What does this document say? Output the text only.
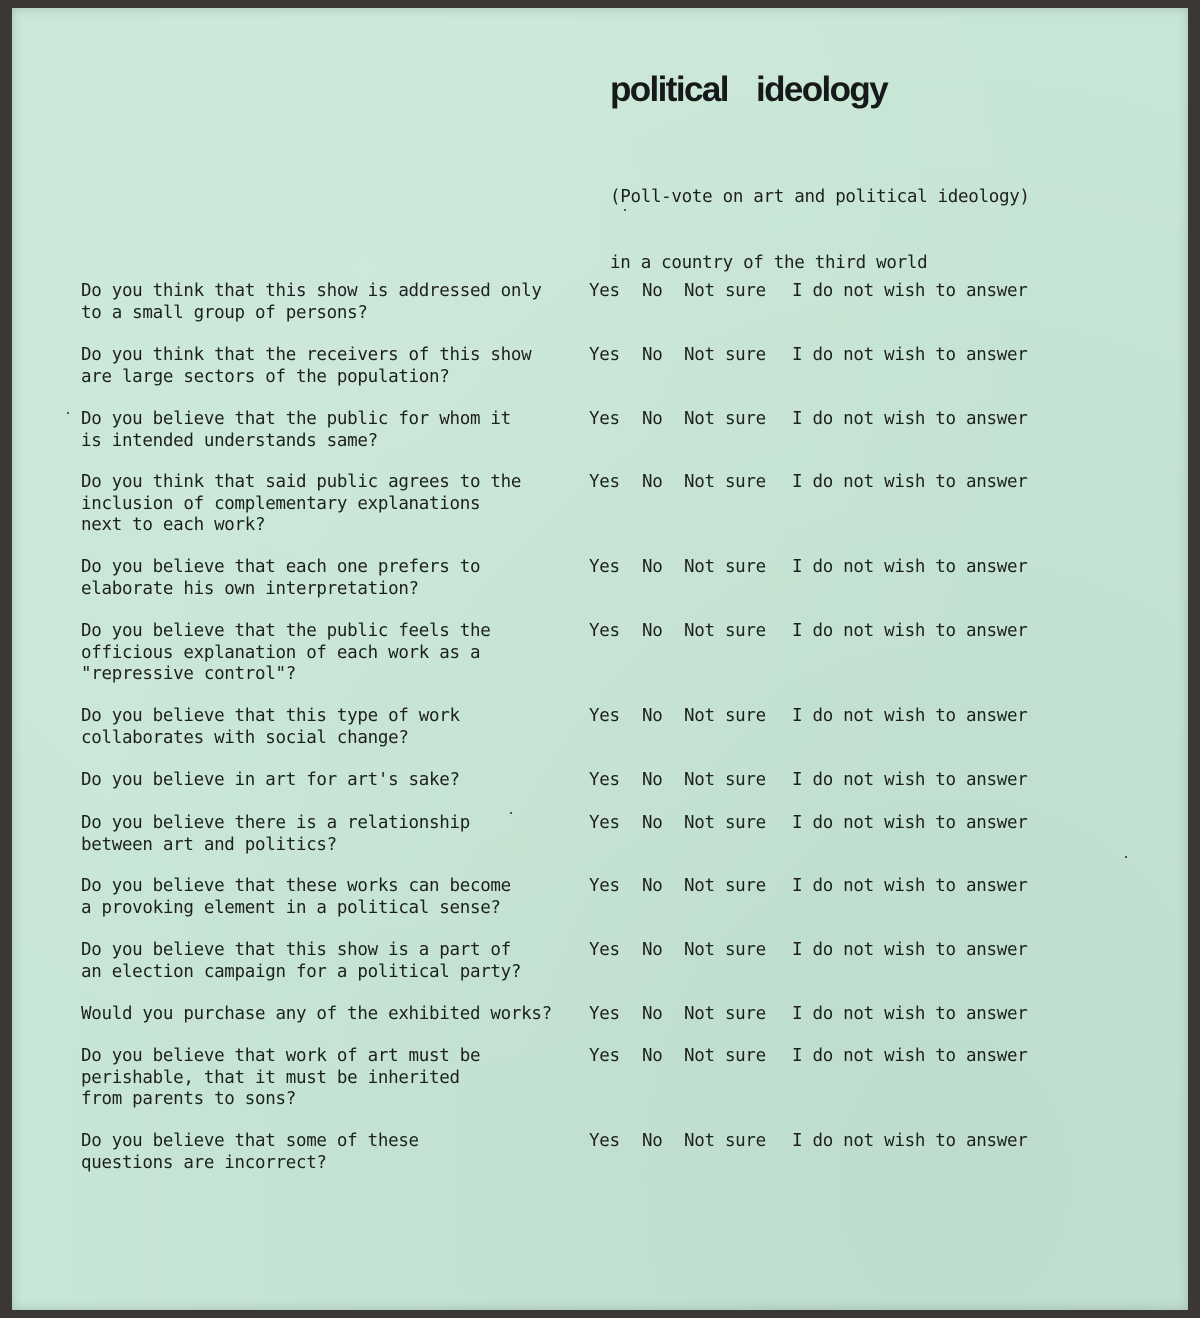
political ideology

(Poll-vote on art and political ideology)

in a country of the third world

Do you think that this show is addressed only
to a small group of persons?
Yes No Not sure I do not wish to answer
Do you think that the receivers of this show
are large sectors of the population?
Yes No Not sure I do not wish to answer
Do you believe that the public for whom it
is intended understands same?
Yes No Not sure I do not wish to answer
Do you think that said public agrees to the
inclusion of complementary explanations
next to each work?
Yes No Not sure I do not wish to answer
Do you believe that each one prefers to
elaborate his own interpretation?
Yes No Not sure I do not wish to answer
Do you believe that the public feels the
officious explanation of each work as a
"repressive control"?
Yes No Not sure I do not wish to answer
Do you believe that this type of work
collaborates with social change?
Yes No Not sure I do not wish to answer
Do you believe in art for art's sake?	Yes No Not sure I do not wish to answer
Do you believe there is a relationship
between art and politics?
Yes No Not sure I do not wish to answer
Do you believe that these works can become
a provoking element in a political sense?
Yes No Not sure I do not wish to answer
Do you believe that this show is a part of
an election campaign for a political party?
Yes No Not sure I do not wish to answer
Would you purchase any of the exhibited works?	Yes No Not sure I do not wish to answer
Do you believe that work of art must be
perishable, that it must be inherited
from parents to sons?
Yes No Not sure I do not wish to answer
Do you believe that some of these
questions are incorrect?
Yes No Not sure I do not wish to answer
